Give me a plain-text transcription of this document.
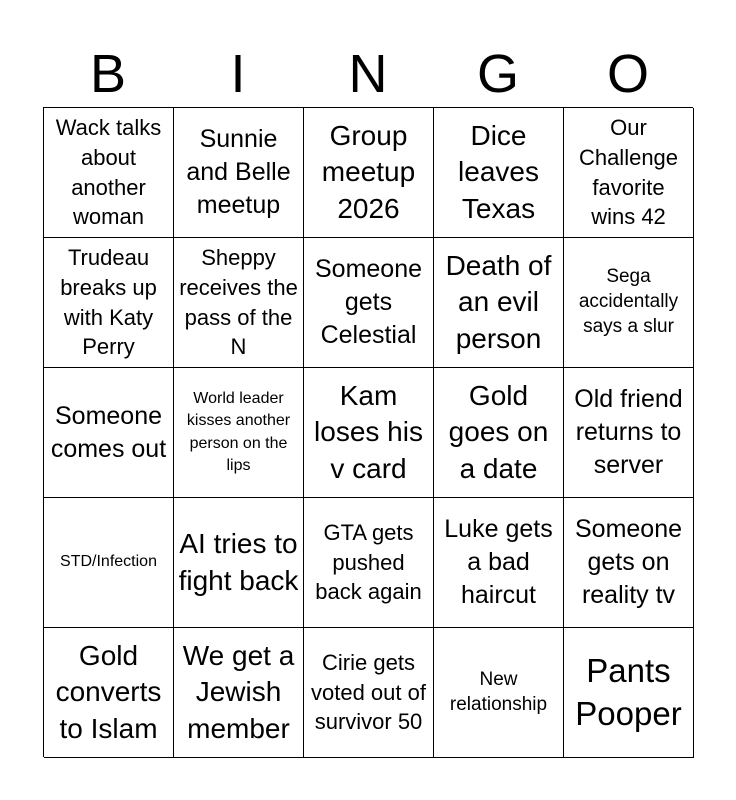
B	I	N	G	O
Wack talks about another woman
Sunnie and Belle meetup
Group meetup 2026
Dice leaves Texas
Our Challenge favorite wins 42
Trudeau breaks up with Katy Perry
Sheppy receives the pass of the N
Someone gets Celestial
Death of an evil person
Sega accidentally says a slur
Someone comes out
World leader kisses another person on the lips
Kam loses his v card
Gold goes on a date
Old friend returns to server
STD/Infection
AI tries to fight back
GTA gets pushed back again
Luke gets a bad haircut
Someone gets on reality tv
Gold converts to Islam
We get a Jewish member
Cirie gets voted out of survivor 50
New relationship
Pants Pooper
